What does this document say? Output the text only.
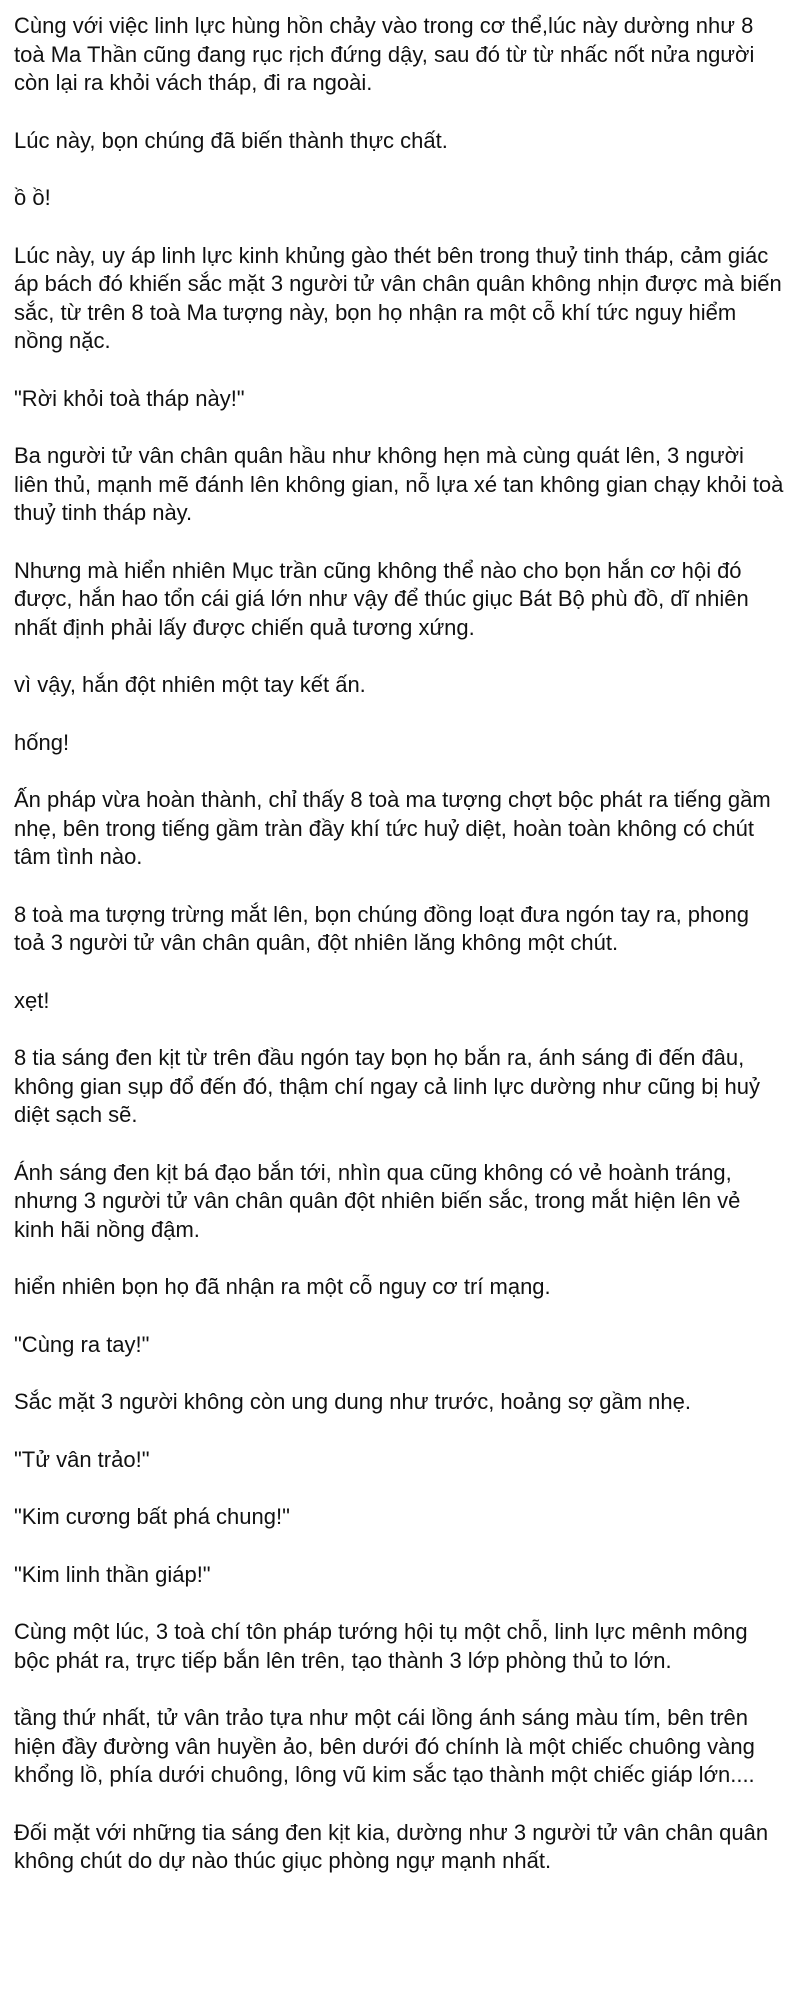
Cùng với việc linh lực hùng hồn chảy vào trong cơ thể,lúc này dường như 8 toà Ma Thần cũng đang rục rịch đứng dậy, sau đó từ từ nhấc nốt nửa người còn lại ra khỏi vách tháp, đi ra ngoài.

Lúc này, bọn chúng đã biến thành thực chất.

ồ ồ!

Lúc này, uy áp linh lực kinh khủng gào thét bên trong thuỷ tinh tháp, cảm giác áp bách đó khiến sắc mặt 3 người tử vân chân quân không nhịn được mà biến sắc, từ trên 8 toà Ma tượng này, bọn họ nhận ra một cỗ khí tức nguy hiểm nồng nặc.

"Rời khỏi toà tháp này!"

Ba người tử vân chân quân hầu như không hẹn mà cùng quát lên, 3 người liên thủ, mạnh mẽ đánh lên không gian, nỗ lựa xé tan không gian chạy khỏi toà thuỷ tinh tháp này.

Nhưng mà hiển nhiên Mục trần cũng không thể nào cho bọn hắn cơ hội đó được, hắn hao tổn cái giá lớn như vậy để thúc giục Bát Bộ phù đồ, dĩ nhiên nhất định phải lấy được chiến quả tương xứng.

vì vậy, hắn đột nhiên một tay kết ấn.

hống!

Ấn pháp vừa hoàn thành, chỉ thấy 8 toà ma tượng chợt bộc phát ra tiếng gầm nhẹ, bên trong tiếng gầm tràn đầy khí tức huỷ diệt, hoàn toàn không có chút tâm tình nào.

8 toà ma tượng trừng mắt lên, bọn chúng đồng loạt đưa ngón tay ra, phong toả 3 người tử vân chân quân, đột nhiên lăng không một chút.

xẹt!

8 tia sáng đen kịt từ trên đầu ngón tay bọn họ bắn ra, ánh sáng đi đến đâu, không gian sụp đổ đến đó, thậm chí ngay cả linh lực dường như cũng bị huỷ diệt sạch sẽ.

Ánh sáng đen kịt bá đạo bắn tới, nhìn qua cũng không có vẻ hoành tráng, nhưng 3 người tử vân chân quân đột nhiên biến sắc, trong mắt hiện lên vẻ kinh hãi nồng đậm.

hiển nhiên bọn họ đã nhận ra một cỗ nguy cơ trí mạng.

"Cùng ra tay!"

Sắc mặt 3 người không còn ung dung như trước, hoảng sợ gầm nhẹ.

"Tử vân trảo!"

"Kim cương bất phá chung!"

"Kim linh thần giáp!"

Cùng một lúc, 3 toà chí tôn pháp tướng hội tụ một chỗ, linh lực mênh mông bộc phát ra, trực tiếp bắn lên trên, tạo thành 3 lớp phòng thủ to lớn.

tầng thứ nhất, tử vân trảo tựa như một cái lồng ánh sáng màu tím, bên trên hiện đầy đường vân huyền ảo, bên dưới đó chính là một chiếc chuông vàng khổng lồ, phía dưới chuông, lông vũ kim sắc tạo thành một chiếc giáp lớn....

Đối mặt với những tia sáng đen kịt kia, dường như 3 người tử vân chân quân không chút do dự nào thúc giục phòng ngự mạnh nhất.
